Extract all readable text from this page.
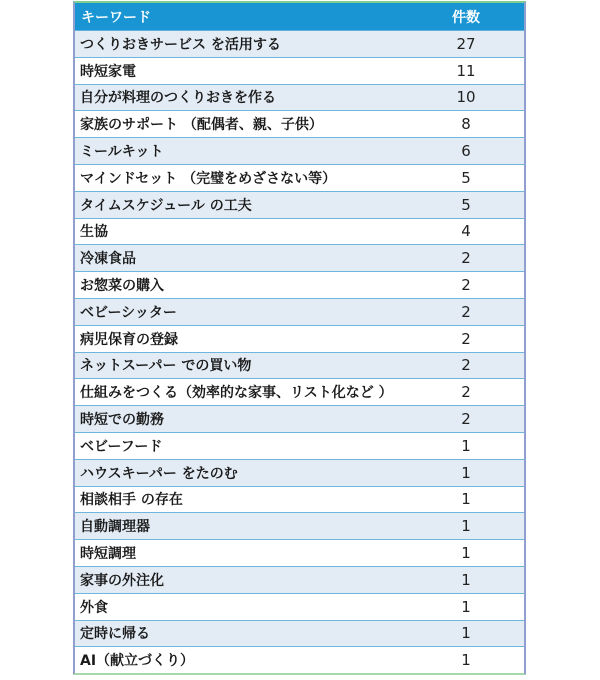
キーワード	件数
つくりおきサービス を活用する	27
時短家電	11
自分が料理のつくりおきを作る	10
家族のサポート （配偶者、親、子供）	8
ミールキット	6
マインドセット （完璧をめざさない等）	5
タイムスケジュール の工夫	5
生協	4
冷凍食品	2
お惣菜の購入	2
ベビーシッター	2
病児保育の登録	2
ネットスーパー での買い物	2
仕組みをつくる（効率的な家事、リスト化など ）	2
時短での勤務	2
ベビーフード	1
ハウスキーパー をたのむ	1
相談相手 の存在	1
自動調理器	1
時短調理	1
家事の外注化	1
外食	1
定時に帰る	1
AI（献立づくり）	1
